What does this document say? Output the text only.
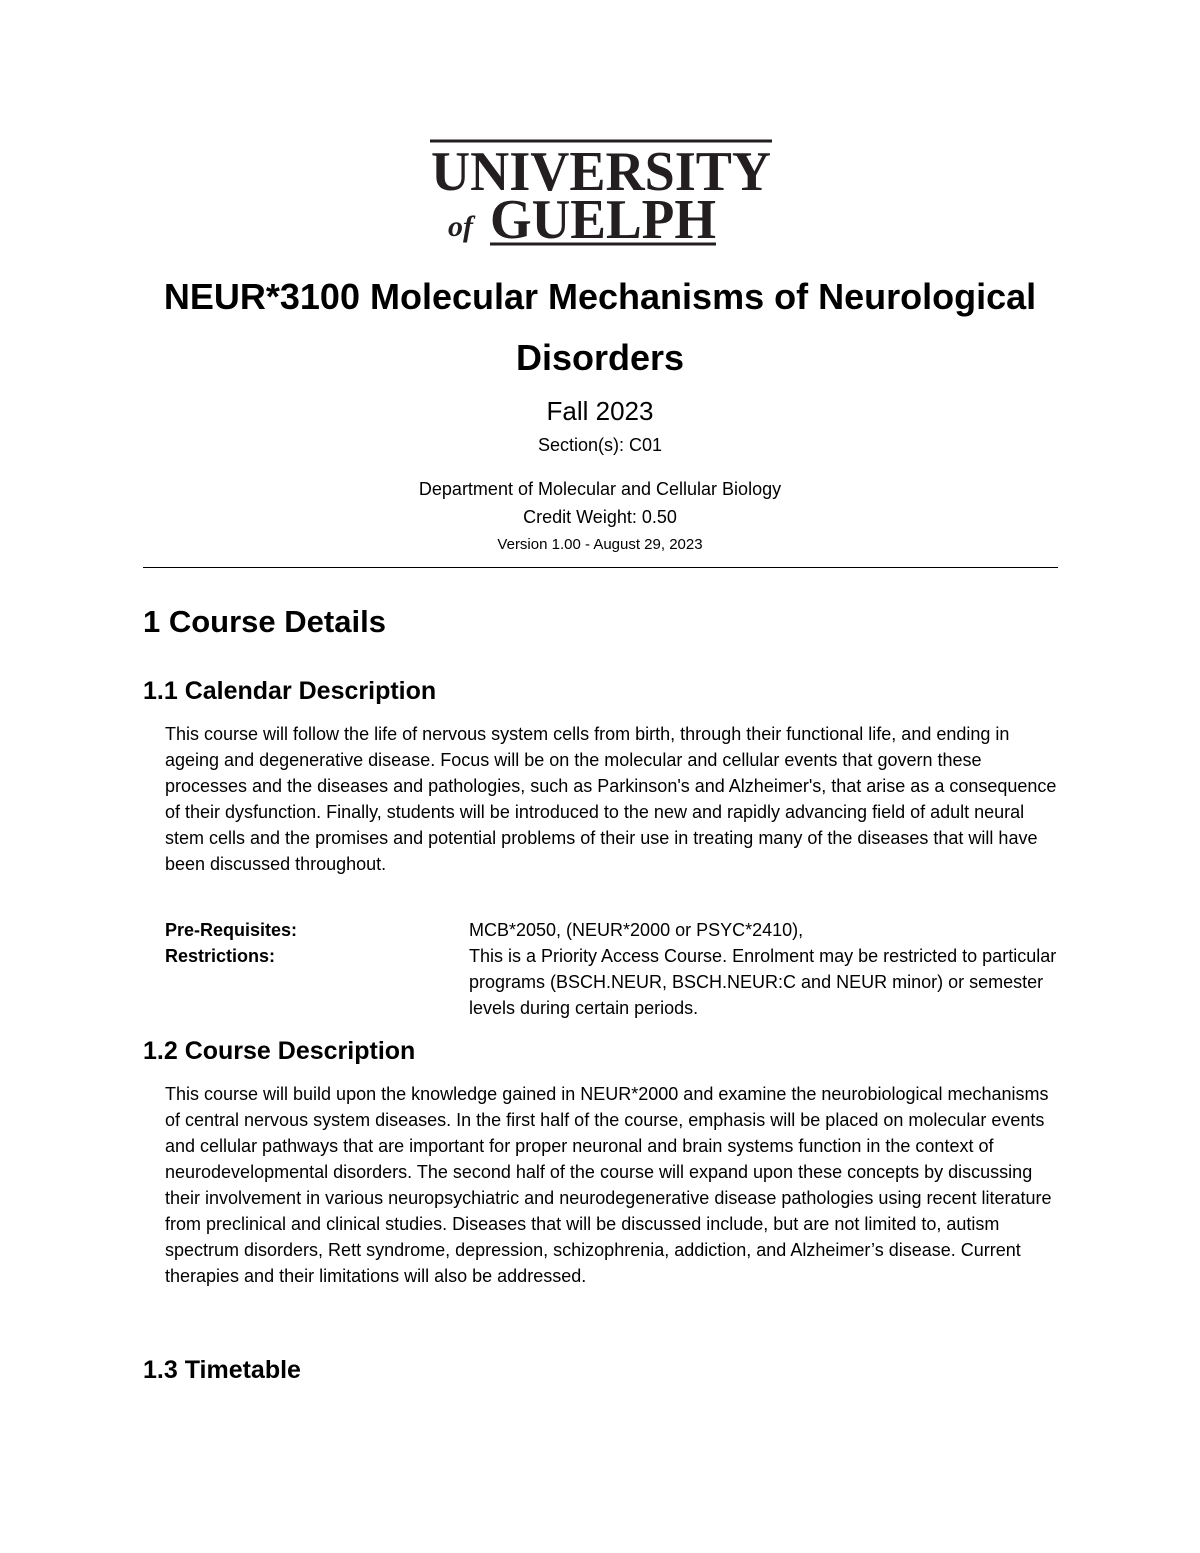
UNIVERSITY
of GUELPH
NEUR*3100 Molecular Mechanisms of Neurological Disorders
Fall 2023
Section(s): C01
Department of Molecular and Cellular Biology
Credit Weight: 0.50
Version 1.00 - August 29, 2023
1 Course Details
1.1 Calendar Description

This course will follow the life of nervous system cells from birth, through their functional life, and ending in ageing and degenerative disease. Focus will be on the molecular and cellular events that govern these processes and the diseases and pathologies, such as Parkinson's and Alzheimer's, that arise as a consequence of their dysfunction. Finally, students will be introduced to the new and rapidly advancing field of adult neural stem cells and the promises and potential problems of their use in treating many of the diseases that will have been discussed throughout.

Pre-Requisites:	MCB*2050, (NEUR*2000 or PSYC*2410),
Restrictions:	This is a Priority Access Course. Enrolment may be restricted to particular programs (BSCH.NEUR, BSCH.NEUR:C and NEUR minor) or semester levels during certain periods.
1.2 Course Description

This course will build upon the knowledge gained in NEUR*2000 and examine the neurobiological mechanisms of central nervous system diseases. In the first half of the course, emphasis will be placed on molecular events and cellular pathways that are important for proper neuronal and brain systems function in the context of neurodevelopmental disorders. The second half of the course will expand upon these concepts by discussing their involvement in various neuropsychiatric and neurodegenerative disease pathologies using recent literature from preclinical and clinical studies. Diseases that will be discussed include, but are not limited to, autism spectrum disorders, Rett syndrome, depression, schizophrenia, addiction, and Alzheimer’s disease. Current therapies and their limitations will also be addressed.

1.3 Timetable
